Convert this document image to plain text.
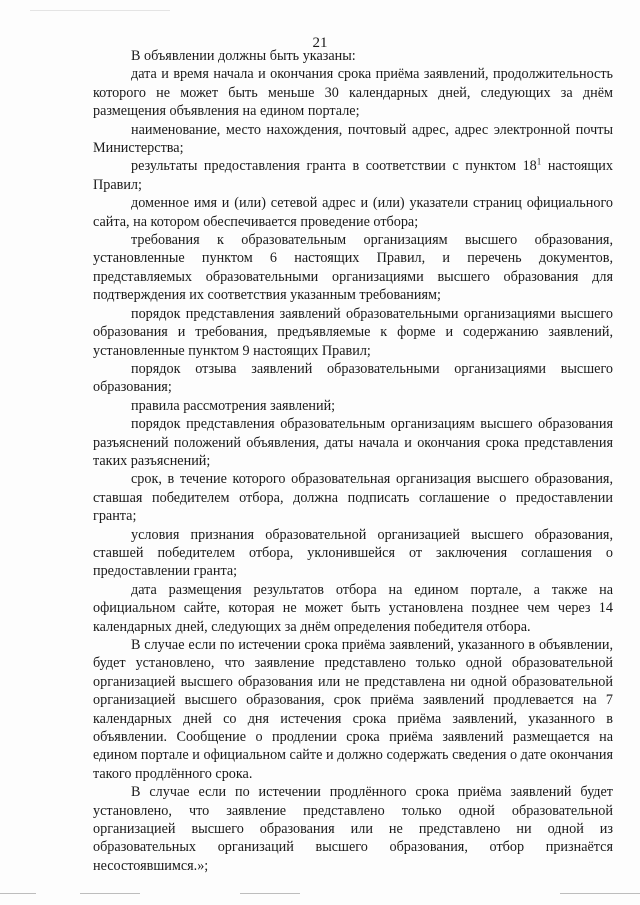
21

В объявлении должны быть указаны:

дата и время начала и окончания срока приёма заявлений, продолжительность которого не может быть меньше 30 календарных дней, следующих за днём размещения объявления на едином портале;

наименование, место нахождения, почтовый адрес, адрес электронной почты Министерства;

результаты предоставления гранта в соответствии с пунктом $18^1$ настоящих Правил;

доменное имя и (или) сетевой адрес и (или) указатели страниц официального сайта, на котором обеспечивается проведение отбора;

требования к образовательным организациям высшего образования, установленные пунктом 6 настоящих Правил, и перечень документов, представляемых образовательными организациями высшего образования для подтверждения их соответствия указанным требованиям;

порядок представления заявлений образовательными организациями высшего образования и требования, предъявляемые к форме и содержанию заявлений, установленные пунктом 9 настоящих Правил;

порядок отзыва заявлений образовательными организациями высшего образования;

правила рассмотрения заявлений;

порядок представления образовательным организациям высшего образования разъяснений положений объявления, даты начала и окончания срока представления таких разъяснений;

срок, в течение которого образовательная организация высшего образования, ставшая победителем отбора, должна подписать соглашение о предоставлении гранта;

условия признания образовательной организацией высшего образования, ставшей победителем отбора, уклонившейся от заключения соглашения о предоставлении гранта;

дата размещения результатов отбора на едином портале, а также на официальном сайте, которая не может быть установлена позднее чем через 14 календарных дней, следующих за днём определения победителя отбора.

В случае если по истечении срока приёма заявлений, указанного в объявлении, будет установлено, что заявление представлено только одной образовательной организацией высшего образования или не представлена ни одной образовательной организацией высшего образования, срок приёма заявлений продлевается на 7 календарных дней со дня истечения срока приёма заявлений, указанного в объявлении. Сообщение о продлении срока приёма заявлений размещается на едином портале и официальном сайте и должно содержать сведения о дате окончания такого продлённого срока.

В случае если по истечении продлённого срока приёма заявлений будет установлено, что заявление представлено только одной образовательной организацией высшего образования или не представлено ни одной из образовательных организаций высшего образования, отбор признаётся несостоявшимся.»;
